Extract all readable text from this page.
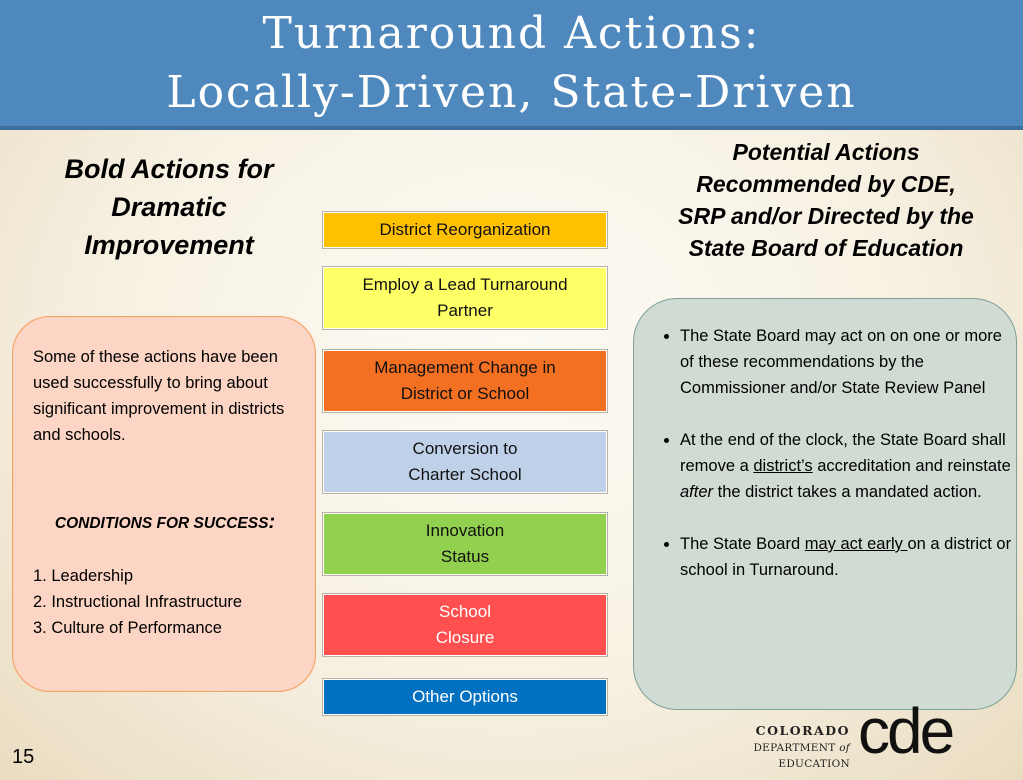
Turnaround Actions:
Locally-Driven, State-Driven
Bold Actions for
Dramatic
Improvement
Potential Actions
Recommended by CDE,
SRP and/or Directed by the
State Board of Education
Some of these actions have been used successfully to bring about significant improvement in districts and schools.
CONDITIONS FOR SUCCESS:
1. Leadership
2. Instructional Infrastructure
3. Culture of Performance
District Reorganization
Employ a Lead Turnaround
Partner
Management Change in
District or School
Conversion to
Charter School
Innovation
Status
School
Closure
Other Options
• The State Board may act on on one or more of these recommendations by the Commissioner and/or State Review Panel
• At the end of the clock, the State Board shall remove a district’s accreditation and reinstate after the district takes a mandated action.
• The State Board may act early on a district or school in Turnaround.
COLORADO
DEPARTMENT of EDUCATION cde
15
